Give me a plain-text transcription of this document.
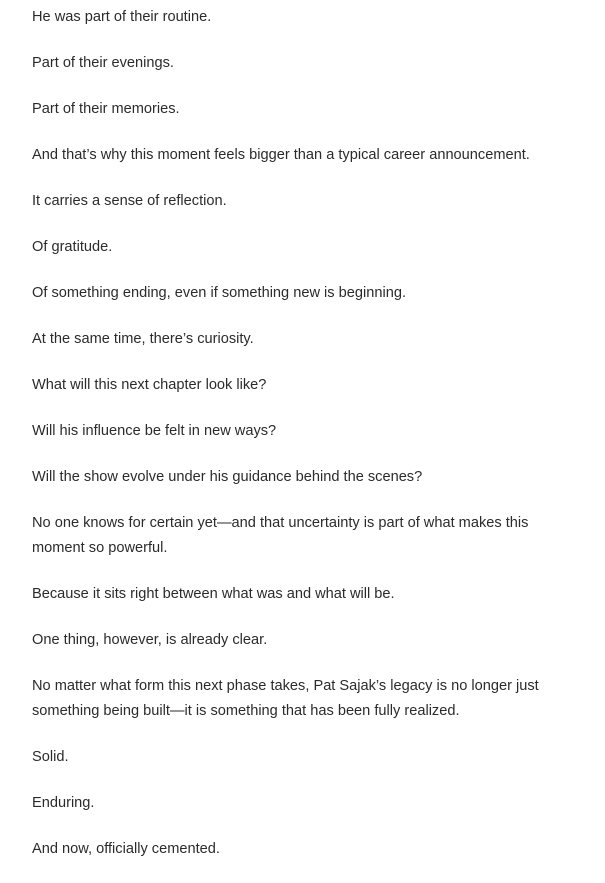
He was part of their routine.

Part of their evenings.

Part of their memories.

And that’s why this moment feels bigger than a typical career announcement.

It carries a sense of reflection.

Of gratitude.

Of something ending, even if something new is beginning.

At the same time, there’s curiosity.

What will this next chapter look like?

Will his influence be felt in new ways?

Will the show evolve under his guidance behind the scenes?

No one knows for certain yet—and that uncertainty is part of what makes this moment so powerful.

Because it sits right between what was and what will be.

One thing, however, is already clear.

No matter what form this next phase takes, Pat Sajak’s legacy is no longer just something being built—it is something that has been fully realized.

Solid.

Enduring.

And now, officially cemented.
